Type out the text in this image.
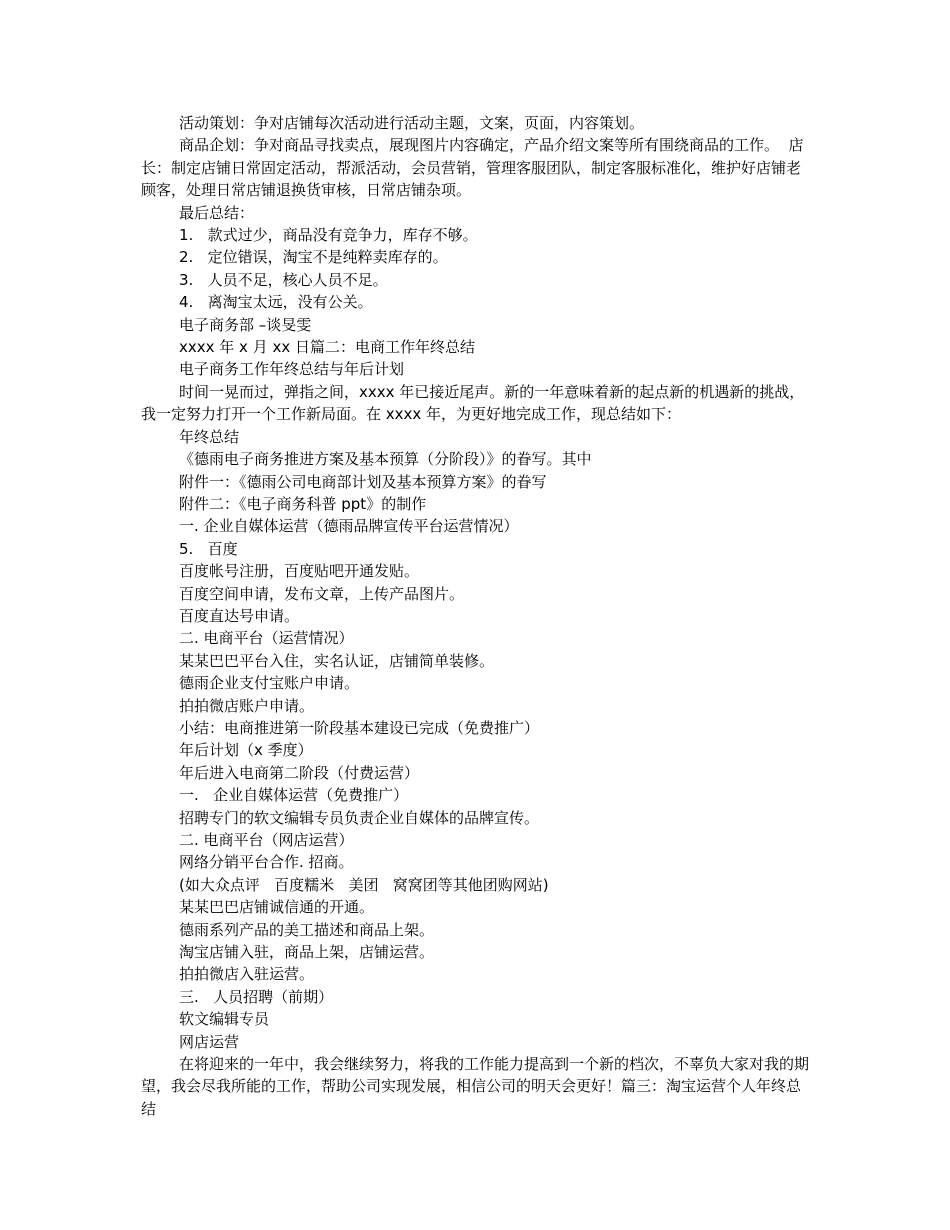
活动策划：争对店铺每次活动进行活动主题，文案，页面，内容策划。

商品企划：争对商品寻找卖点，展现图片内容确定，产品介绍文案等所有围绕商品的工作。  店长：制定店铺日常固定活动，帮派活动，会员营销，管理客服团队，制定客服标准化，维护好店铺老顾客，处理日常店铺退换货审核，日常店铺杂项。

最后总结：

1.   款式过少，商品没有竞争力，库存不够。

2.   定位错误，淘宝不是纯粹卖库存的。

3.   人员不足，核心人员不足。

4.   离淘宝太远，没有公关。

电子商务部 –谈旻雯

xxxx 年 x 月 xx 日篇二：电商工作年终总结

电子商务工作年终总结与年后计划

时间一晃而过，弹指之间，xxxx 年已接近尾声。新的一年意味着新的起点新的机遇新的挑战，我一定努力打开一个工作新局面。在 xxxx 年，为更好地完成工作，现总结如下：

年终总结

《德雨电子商务推进方案及基本预算（分阶段）》的眷写。其中

附件一：《德雨公司电商部计划及基本预算方案》的眷写

附件二：《电子商务科普 ppt》的制作

一. 企业自媒体运营（德雨品牌宣传平台运营情况）

5.   百度

百度帐号注册，百度贴吧开通发贴。

百度空间申请，发布文章，上传产品图片。

百度直达号申请。

二. 电商平台（运营情况）

某某巴巴平台入住，实名认证，店铺简单装修。

德雨企业支付宝账户申请。

拍拍微店账户申请。

小结：电商推进第一阶段基本建设已完成（免费推广）

年后计划（x 季度）

年后进入电商第二阶段（付费运营）

一.   企业自媒体运营（免费推广）

招聘专门的软文编辑专员负责企业自媒体的品牌宣传。

二. 电商平台（网店运营）

网络分销平台合作. 招商。

(如大众点评   百度糯米   美团   窝窝团等其他团购网站)

某某巴巴店铺诚信通的开通。

德雨系列产品的美工描述和商品上架。

淘宝店铺入驻，商品上架，店铺运营。

拍拍微店入驻运营。

三.   人员招聘（前期）

软文编辑专员

网店运营

在将迎来的一年中，我会继续努力，将我的工作能力提高到一个新的档次，不辜负大家对我的期望，我会尽我所能的工作，帮助公司实现发展，相信公司的明天会更好！篇三：淘宝运营个人年终总结
